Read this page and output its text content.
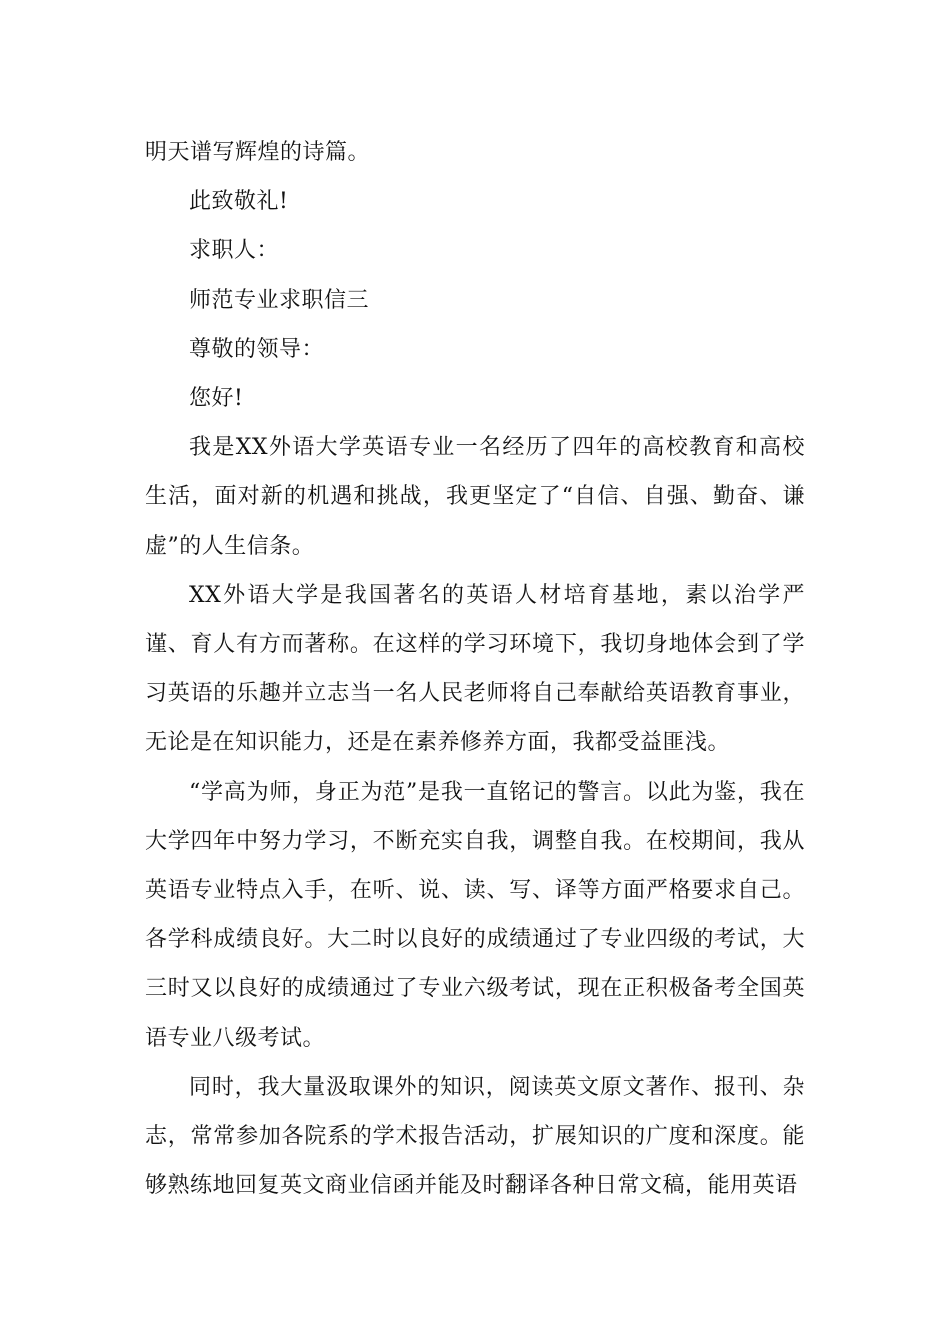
明天谱写辉煌的诗篇。

此致敬礼!

求职人：

师范专业求职信三

尊敬的领导：

您好!

我是XX外语大学英语专业一名经历了四年的高校教育和高校生活，面对新的机遇和挑战，我更坚定了“自信、自强、勤奋、谦虚”的人生信条。

XX外语大学是我国著名的英语人材培育基地，素以治学严谨、育人有方而著称。在这样的学习环境下，我切身地体会到了学习英语的乐趣并立志当一名人民老师将自己奉献给英语教育事业，无论是在知识能力，还是在素养修养方面，我都受益匪浅。

“学高为师，身正为范”是我一直铭记的警言。以此为鉴，我在大学四年中努力学习，不断充实自我，调整自我。在校期间，我从英语专业特点入手，在听、说、读、写、译等方面严格要求自己。各学科成绩良好。大二时以良好的成绩通过了专业四级的考试，大三时又以良好的成绩通过了专业六级考试，现在正积极备考全国英语专业八级考试。

同时，我大量汲取课外的知识，阅读英文原文著作、报刊、杂志，常常参加各院系的学术报告活动，扩展知识的广度和深度。能够熟练地回复英文商业信函并能及时翻译各种日常文稿，能用英语
